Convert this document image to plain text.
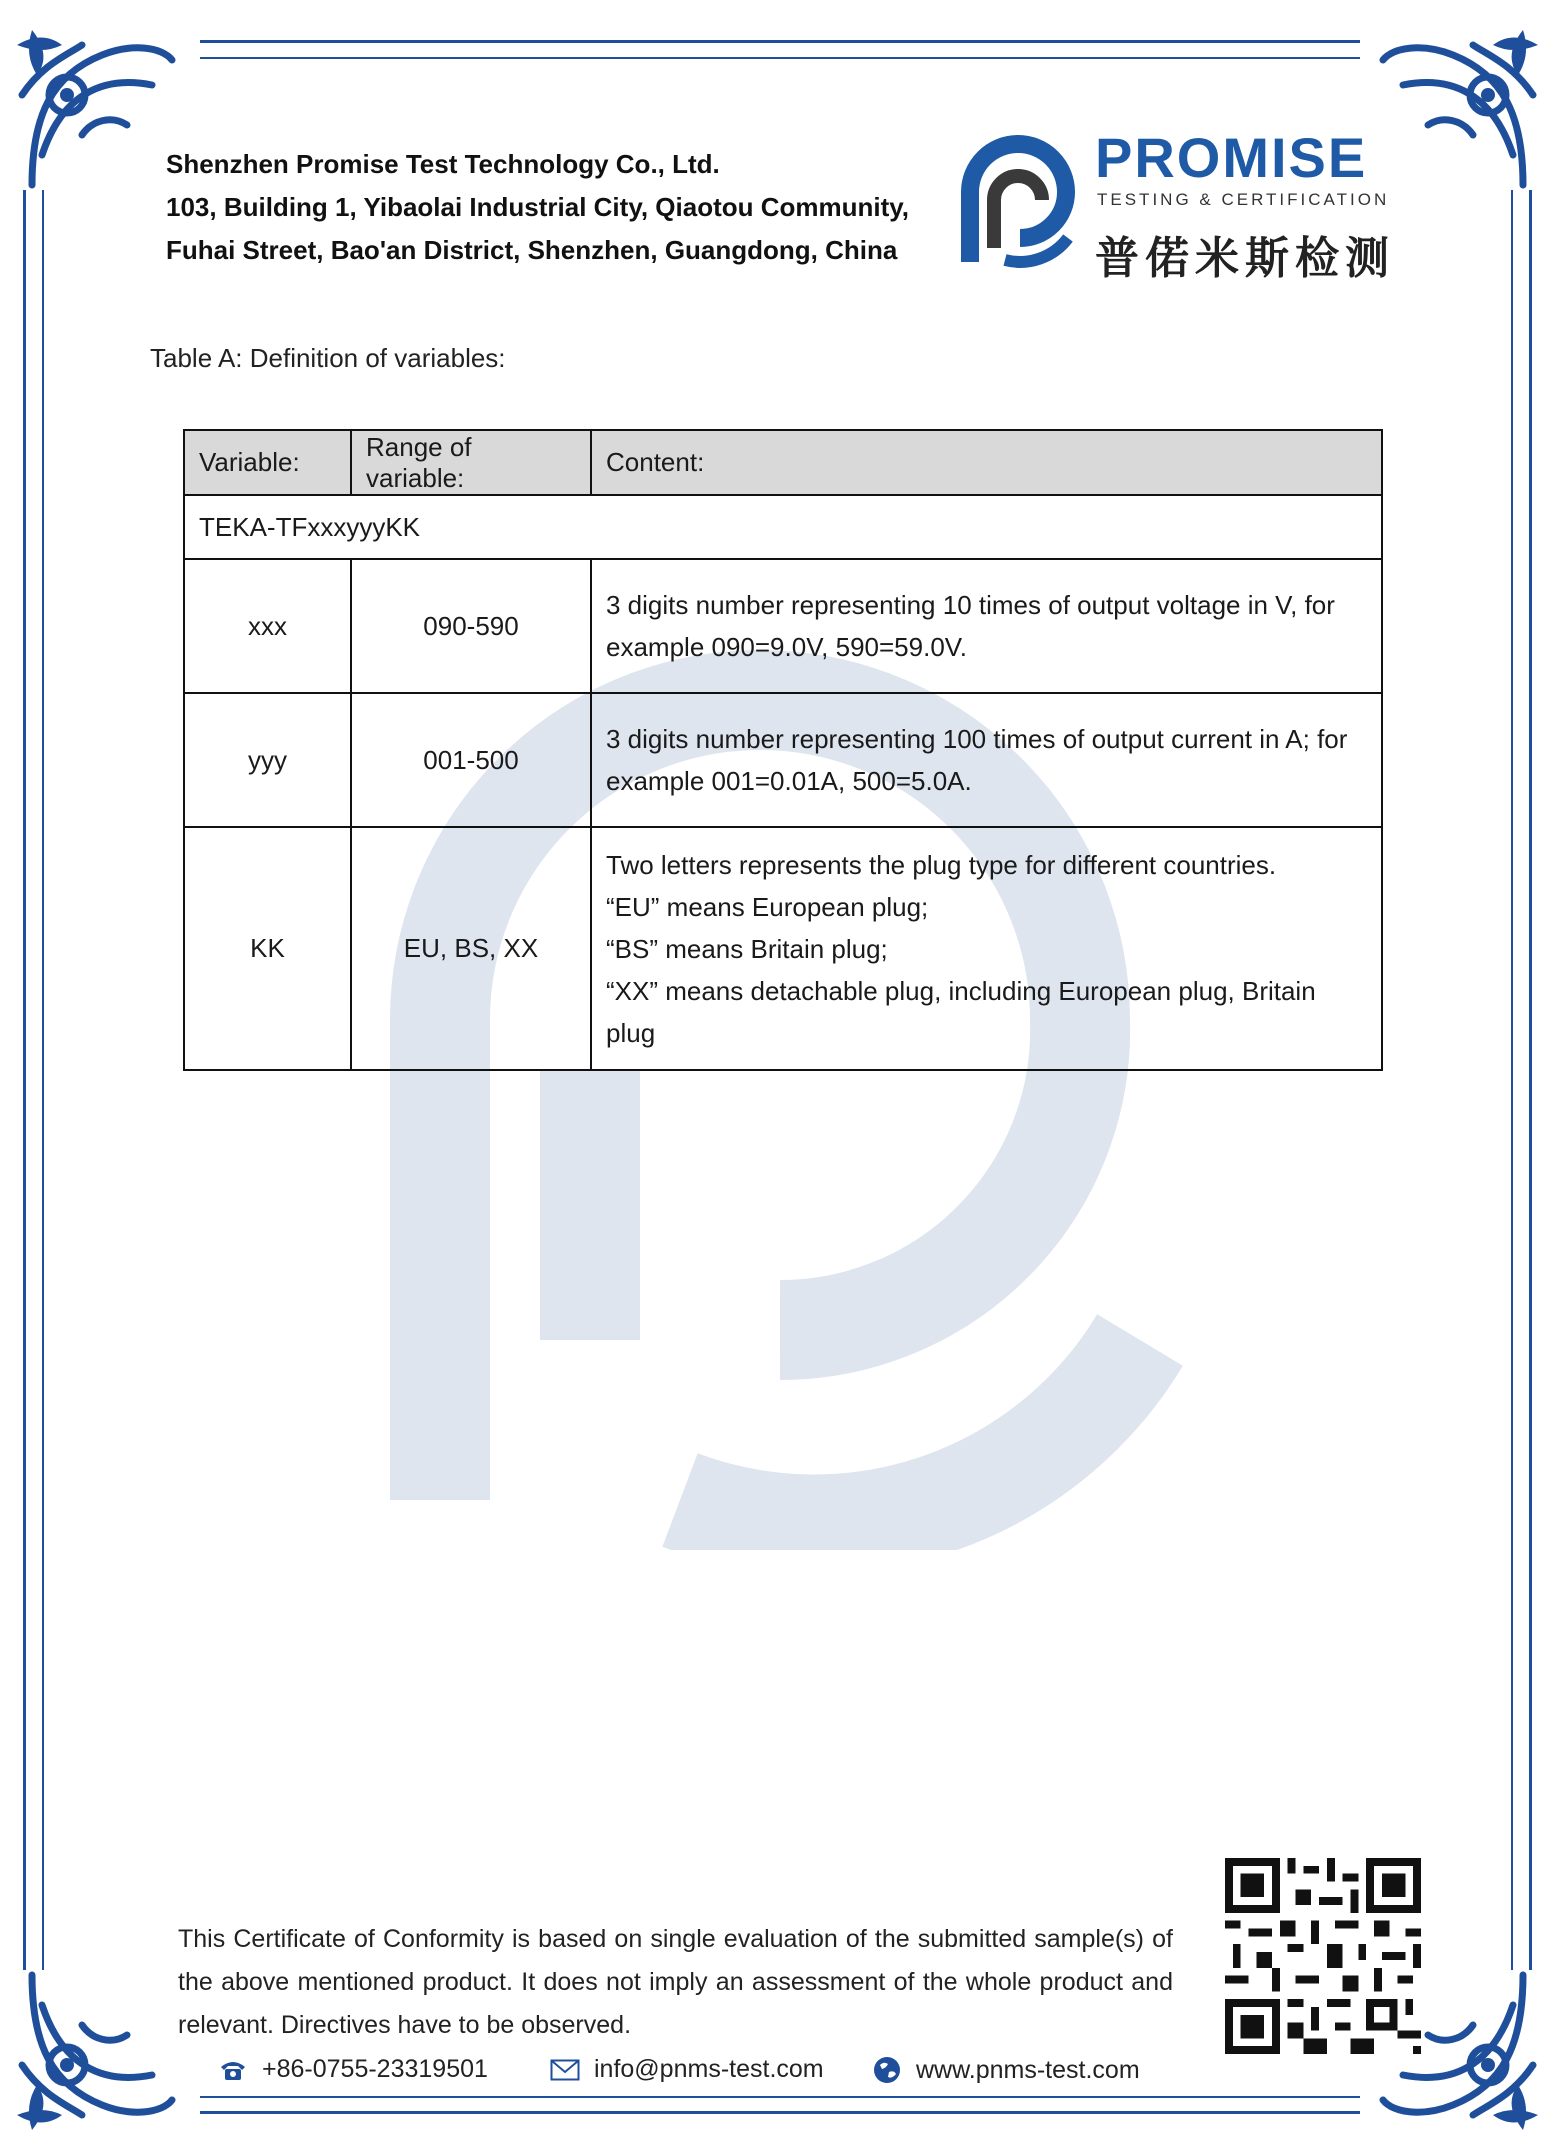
Shenzhen Promise Test Technology Co., Ltd.
103, Building 1, Yibaolai Industrial City, Qiaotou Community,
Fuhai Street, Bao'an District, Shenzhen, Guangdong, China
PROMISE
TESTING & CERTIFICATION
普偌米斯检测
Table A: Definition of variables:
Variable:	Range of variable:	Content:
TEKA-TFxxxyyyKK		
xxx	090-590	3 digits number representing 10 times of output voltage in V, for
example 090=9.0V, 590=59.0V.

yyy	001-500	3 digits number representing 100 times of output current in A; for
example 001=0.01A, 500=5.0A.

KK	EU, BS, XX	Two letters represents the plug type for different countries.
“EU” means European plug;
“BS” means Britain plug;
“XX” means detachable plug, including European plug, Britain plug
This Certificate of Conformity is based on single evaluation of the submitted sample(s) of the above mentioned product. It does not imply an assessment of the whole product and relevant. Directives have to be observed.
+86-0755-23319501	info@pnms-test.com	www.pnms-test.com
